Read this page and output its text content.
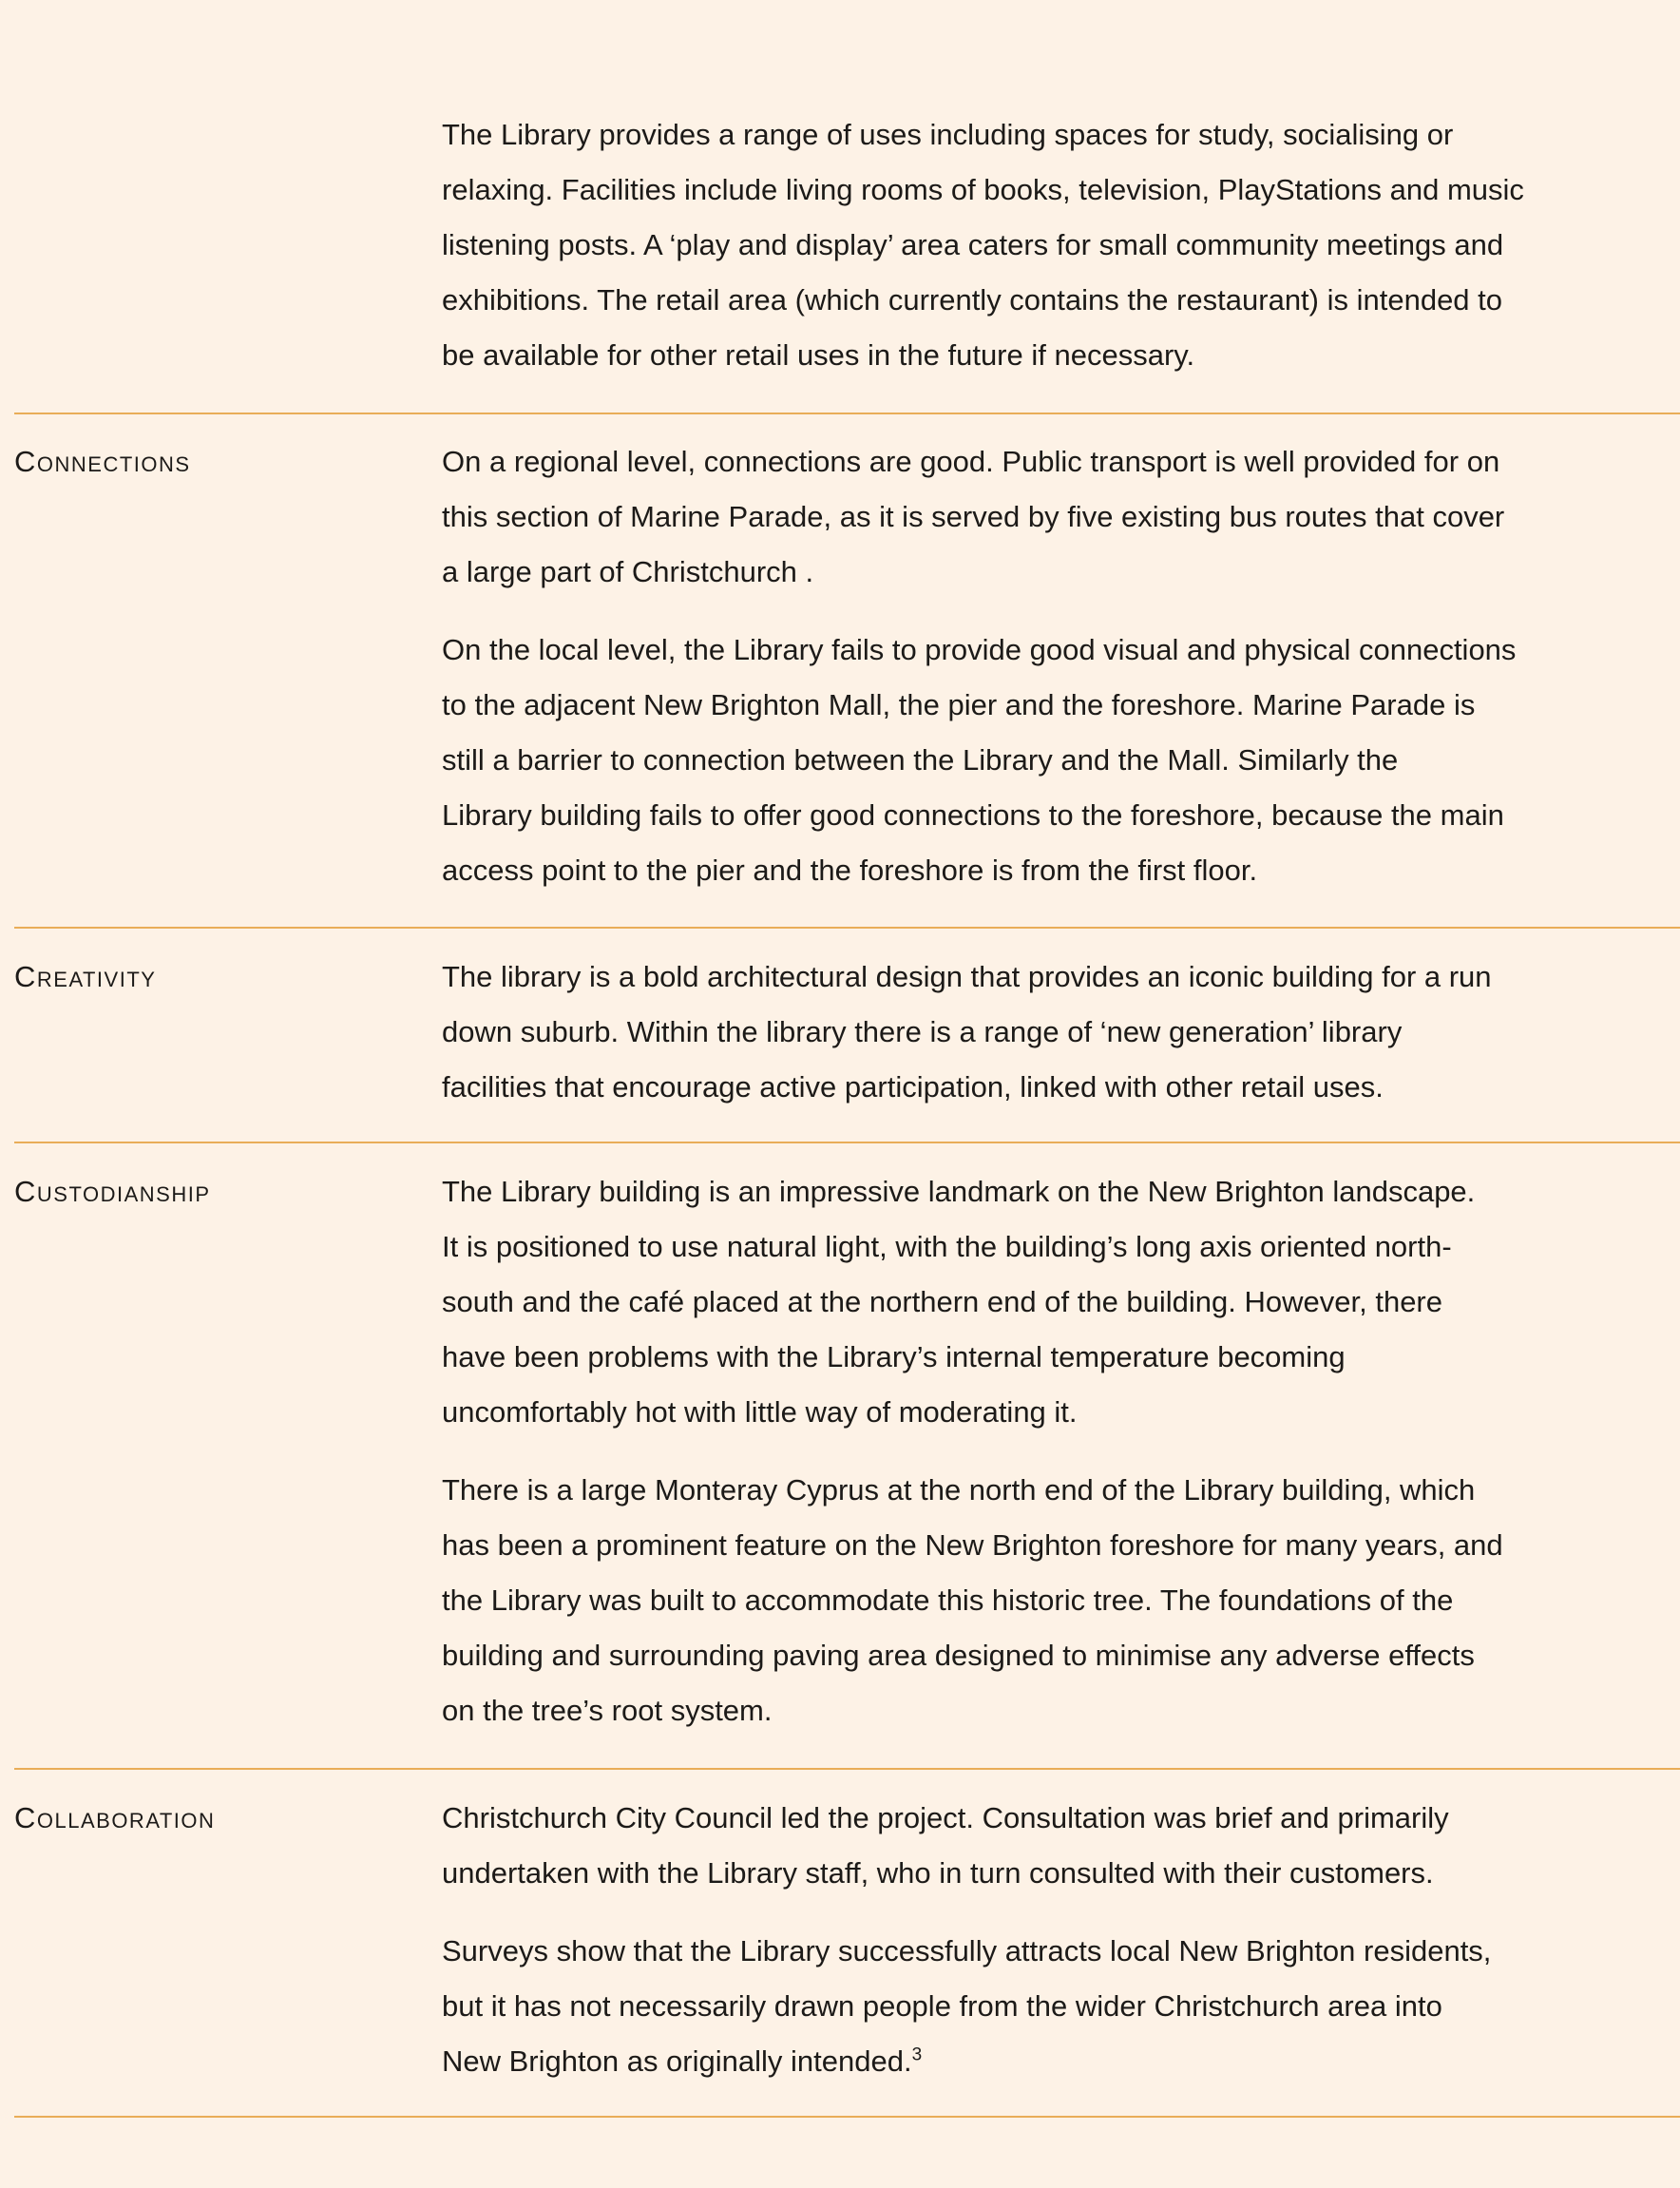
The Library provides a range of uses including spaces for study, socialising or
relaxing. Facilities include living rooms of books, television, PlayStations and music
listening posts. A ‘play and display’ area caters for small community meetings and
exhibitions. The retail area (which currently contains the restaurant) is intended to
be available for other retail uses in the future if necessary.

Connections	On a regional level, connections are good. Public transport is well provided for on
this section of Marine Parade, as it is served by five existing bus routes that cover
a large part of Christchurch .

On the local level, the Library fails to provide good visual and physical connections
to the adjacent New Brighton Mall, the pier and the foreshore. Marine Parade is
still a barrier to connection between the Library and the Mall. Similarly the
Library building fails to offer good connections to the foreshore, because the main
access point to the pier and the foreshore is from the first floor.

Creativity	The library is a bold architectural design that provides an iconic building for a run
down suburb. Within the library there is a range of ‘new generation’ library
facilities that encourage active participation, linked with other retail uses.

Custodianship	The Library building is an impressive landmark on the New Brighton landscape.
It is positioned to use natural light, with the building’s long axis oriented north-
south and the café placed at the northern end of the building. However, there
have been problems with the Library’s internal temperature becoming
uncomfortably hot with little way of moderating it.

There is a large Monteray Cyprus at the north end of the Library building, which
has been a prominent feature on the New Brighton foreshore for many years, and
the Library was built to accommodate this historic tree. The foundations of the
building and surrounding paving area designed to minimise any adverse effects
on the tree’s root system.

Collaboration	Christchurch City Council led the project. Consultation was brief and primarily
undertaken with the Library staff, who in turn consulted with their customers.

Surveys show that the Library successfully attracts local New Brighton residents,
but it has not necessarily drawn people from the wider Christchurch area into
New Brighton as originally intended.$^3$
